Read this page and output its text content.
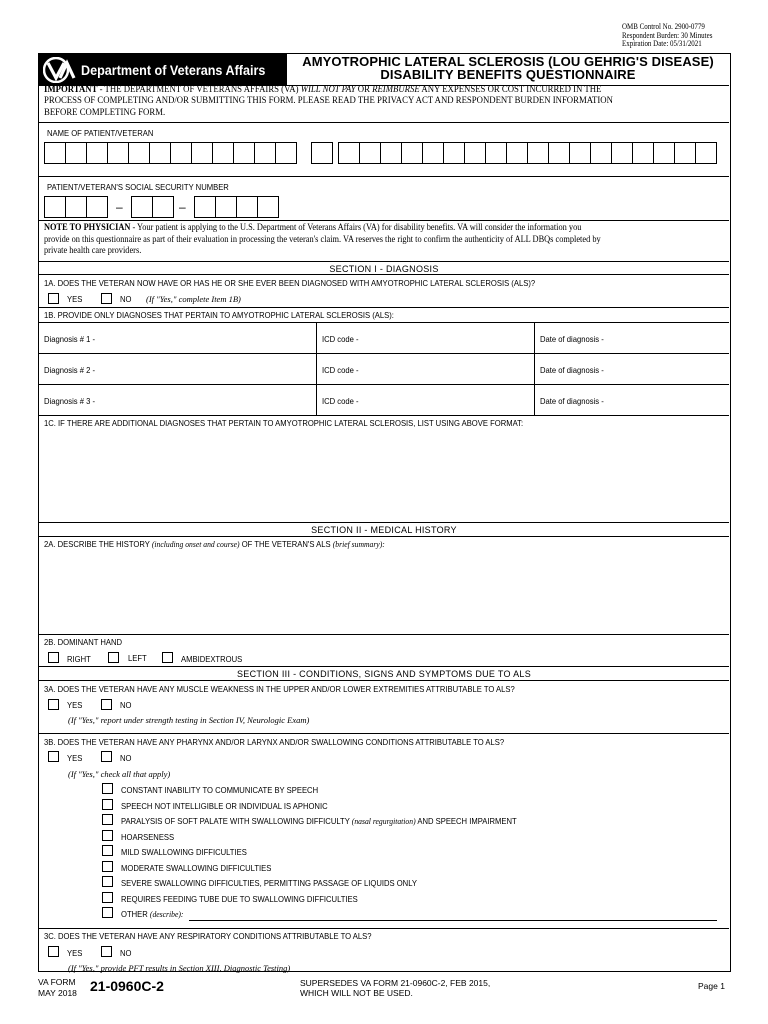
OMB Control No. 2900-0779
Respondent Burden: 30 Minutes
Expiration Date: 05/31/2021
Department of Veterans Affairs
AMYOTROPHIC LATERAL SCLEROSIS (LOU GEHRIG'S DISEASE)
DISABILITY BENEFITS QUESTIONNAIRE
IMPORTANT - THE DEPARTMENT OF VETERANS AFFAIRS (VA) WILL NOT PAY OR REIMBURSE ANY EXPENSES OR COST INCURRED IN THE
PROCESS OF COMPLETING AND/OR SUBMITTING THIS FORM. PLEASE READ THE PRIVACY ACT AND RESPONDENT BURDEN INFORMATION
BEFORE COMPLETING FORM.
NAME OF PATIENT/VETERAN
PATIENT/VETERAN'S SOCIAL SECURITY NUMBER
–	–
NOTE TO PHYSICIAN - Your patient is applying to the U.S. Department of Veterans Affairs (VA) for disability benefits. VA will consider the information you
provide on this questionnaire as part of their evaluation in processing the veteran's claim. VA reserves the right to confirm the authenticity of ALL DBQs completed by
private health care providers.
SECTION I - DIAGNOSIS
1A. DOES THE VETERAN NOW HAVE OR HAS HE OR SHE EVER BEEN DIAGNOSED WITH AMYOTROPHIC LATERAL SCLEROSIS (ALS)?
YES	NO (If "Yes," complete Item 1B)
1B. PROVIDE ONLY DIAGNOSES THAT PERTAIN TO AMYOTROPHIC LATERAL SCLEROSIS (ALS):
Diagnosis # 1 -	ICD code -	Date of diagnosis -
Diagnosis # 2 -	ICD code -	Date of diagnosis -
Diagnosis # 3 -	ICD code -	Date of diagnosis -
1C. IF THERE ARE ADDITIONAL DIAGNOSES THAT PERTAIN TO AMYOTROPHIC LATERAL SCLEROSIS, LIST USING ABOVE FORMAT:
SECTION II - MEDICAL HISTORY
2A. DESCRIBE THE HISTORY (including onset and course) OF THE VETERAN'S ALS (brief summary):
2B. DOMINANT HAND
RIGHT	LEFT	AMBIDEXTROUS
SECTION III - CONDITIONS, SIGNS AND SYMPTOMS DUE TO ALS
3A. DOES THE VETERAN HAVE ANY MUSCLE WEAKNESS IN THE UPPER AND/OR LOWER EXTREMITIES ATTRIBUTABLE TO ALS?
YES	NO
(If "Yes," report under strength testing in Section IV, Neurologic Exam)
3B. DOES THE VETERAN HAVE ANY PHARYNX AND/OR LARYNX AND/OR SWALLOWING CONDITIONS ATTRIBUTABLE TO ALS?
YES	NO
(If "Yes," check all that apply)
CONSTANT INABILITY TO COMMUNICATE BY SPEECH
SPEECH NOT INTELLIGIBLE OR INDIVIDUAL IS APHONIC
PARALYSIS OF SOFT PALATE WITH SWALLOWING DIFFICULTY (nasal regurgitation) AND SPEECH IMPAIRMENT
HOARSENESS
MILD SWALLOWING DIFFICULTIES
MODERATE SWALLOWING DIFFICULTIES
SEVERE SWALLOWING DIFFICULTIES, PERMITTING PASSAGE OF LIQUIDS ONLY
REQUIRES FEEDING TUBE DUE TO SWALLOWING DIFFICULTIES
OTHER (describe):
3C. DOES THE VETERAN HAVE ANY RESPIRATORY CONDITIONS ATTRIBUTABLE TO ALS?
YES	NO
(If "Yes," provide PFT results in Section XIII, Diagnostic Testing)
VA FORM
MAY 2018 21-0960C-2	SUPERSEDES VA FORM 21-0960C-2, FEB 2015,
WHICH WILL NOT BE USED.
Page 1
